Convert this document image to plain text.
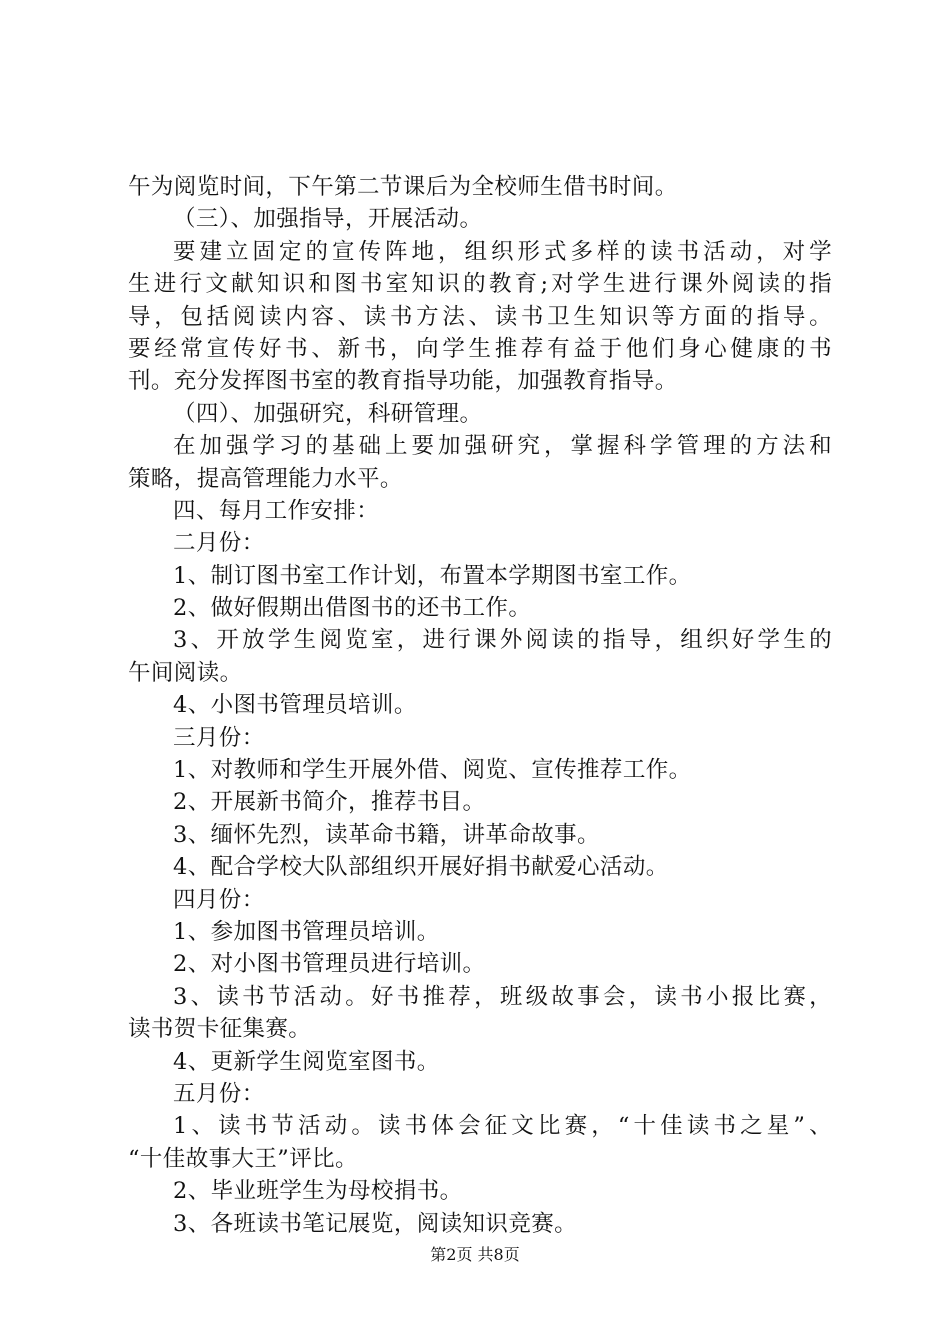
午为阅览时间，下午第二节课后为全校师生借书时间。
（三）、加强指导，开展活动。
要建立固定的宣传阵地，组织形式多样的读书活动，对学
生进行文献知识和图书室知识的教育;对学生进行课外阅读的指
导，包括阅读内容、读书方法、读书卫生知识等方面的指导。
要经常宣传好书、新书，向学生推荐有益于他们身心健康的书
刊。充分发挥图书室的教育指导功能，加强教育指导。
（四）、加强研究，科研管理。
在加强学习的基础上要加强研究，掌握科学管理的方法和
策略，提高管理能力水平。
四、每月工作安排：
二月份：
1、制订图书室工作计划，布置本学期图书室工作。
2、做好假期出借图书的还书工作。
3、开放学生阅览室，进行课外阅读的指导，组织好学生的
午间阅读。
4、小图书管理员培训。
三月份：
1、对教师和学生开展外借、阅览、宣传推荐工作。
2、开展新书简介，推荐书目。
3、缅怀先烈，读革命书籍，讲革命故事。
4、配合学校大队部组织开展好捐书献爱心活动。
四月份：
1、参加图书管理员培训。
2、对小图书管理员进行培训。
3、读书节活动。好书推荐，班级故事会，读书小报比赛，
读书贺卡征集赛。
4、更新学生阅览室图书。
五月份：
1、读书节活动。读书体会征文比赛，“十佳读书之星”、
“十佳故事大王”评比。
2、毕业班学生为母校捐书。
3、各班读书笔记展览，阅读知识竞赛。
第2页 共8页
